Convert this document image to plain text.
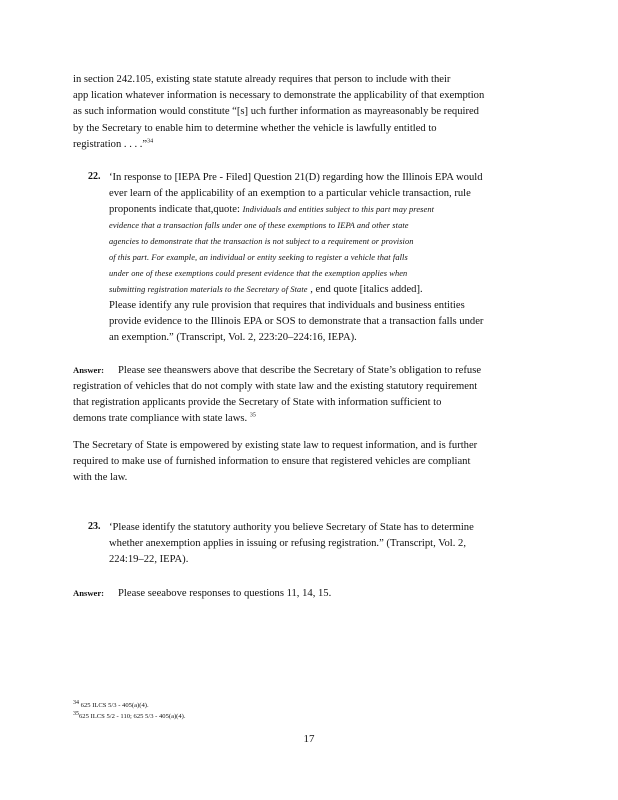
in section 242.105, existing state statute already requires that person to include with their
app lication whatever information is necessary to demonstrate the applicability of that exemption
as such information would constitute “[s] uch further information as mayreasonably be required
by the Secretary to enable him to determine whether the vehicle is lawfully entitled to
registration . . . .”$^{34}$
22. ‘In response to [IEPA Pre - Filed] Question 21(D) regarding how the Illinois EPA would
ever learn of the applicability of an exemption to a particular vehicle transaction, rule
proponents indicate that,quote: Individuals and entities subject to this part may present
evidence that a transaction falls under one of these exemptions to IEPA and other state
agencies to demonstrate that the transaction is not subject to a requirement or provision
of this part. For example, an individual or entity seeking to register a vehicle that falls
under one of these exemptions could present evidence that the exemption applies when
submitting registration materials to the Secretary of State , end quote [italics added].
Please identify any rule provision that requires that individuals and business entities
provide evidence to the Illinois EPA or SOS to demonstrate that a transaction falls under
an exemption.” (Transcript, Vol. 2, 223:20–224:16, IEPA).
Answer: Please see theanswers above that describe the Secretary of State’s obligation to refuse
registration of vehicles that do not comply with state law and the existing statutory requirement
that registration applicants provide the Secretary of State with information sufficient to
demons trate compliance with state laws. $^{35}$
The Secretary of State is empowered by existing state law to request information, and is further
required to make use of furnished information to ensure that registered vehicles are compliant
with the law.
23. ‘Please identify the statutory authority you believe Secretary of State has to determine
whether anexemption applies in issuing or refusing registration.” (Transcript, Vol. 2,
224:19–22, IEPA).
Answer: Please seeabove responses to questions 11, 14, 15.
$^{34}$ 625 ILCS 5/3 - 405(a)(4).
$^{35}$625 ILCS 5/2 - 110; 625 5/3 - 405(a)(4).
17
